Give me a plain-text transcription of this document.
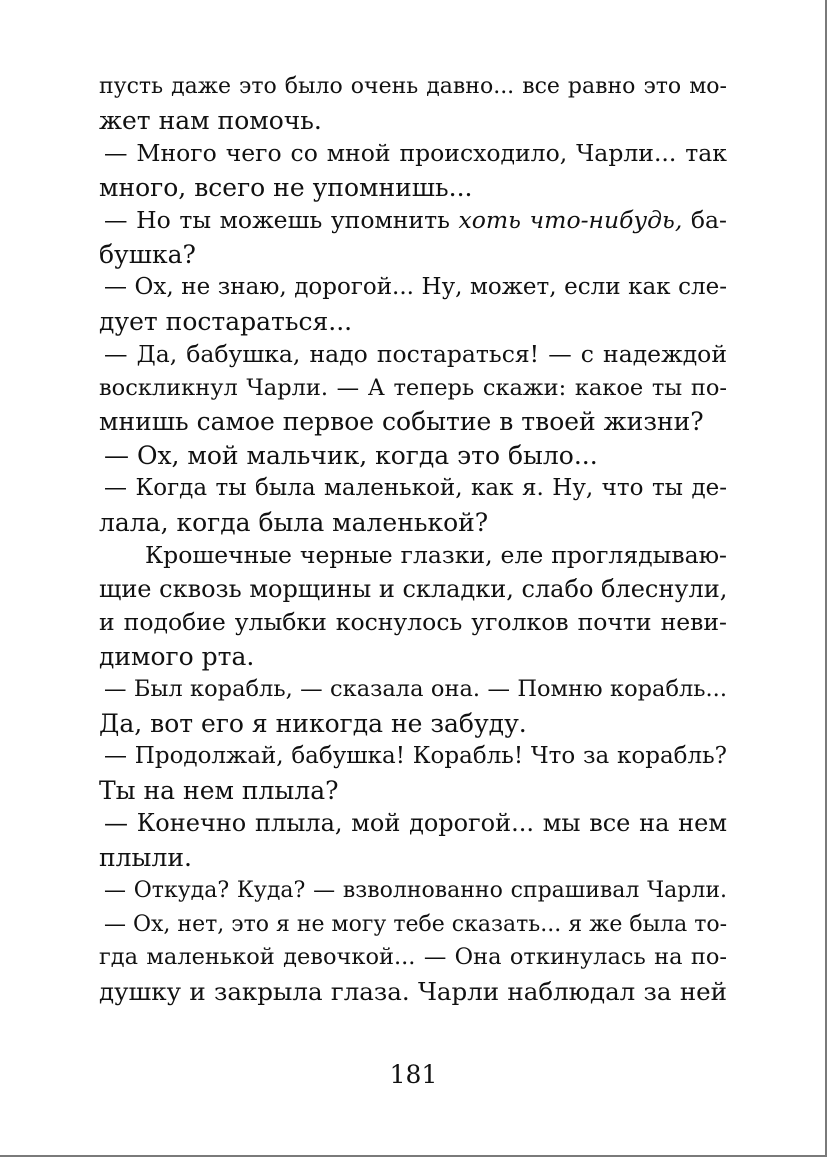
пусть даже это было очень давно... все равно это мо-
жет нам помочь.
— Много чего со мной происходило, Чарли... так
много, всего не упомнишь...
— Но ты можешь упомнить хоть что-нибудь, ба-
бушка?
— Ох, не знаю, дорогой... Ну, может, если как сле-
дует постараться...
— Да, бабушка, надо постараться! — с надеждой
воскликнул Чарли. — А теперь скажи: какое ты по-
мнишь самое первое событие в твоей жизни?
— Ох, мой мальчик, когда это было...
— Когда ты была маленькой, как я. Ну, что ты де-
лала, когда была маленькой?
Крошечные черные глазки, еле проглядываю-
щие сквозь морщины и складки, слабо блеснули,
и подобие улыбки коснулось уголков почти неви-
димого рта.
— Был корабль, — сказала она. — Помню корабль...
Да, вот его я никогда не забуду.
— Продолжай, бабушка! Корабль! Что за корабль?
Ты на нем плыла?
— Конечно плыла, мой дорогой... мы все на нем
плыли.
— Откуда? Куда? — взволнованно спрашивал Чарли.
— Ох, нет, это я не могу тебе сказать... я же была то-
гда маленькой девочкой... — Она откинулась на по-
душку и закрыла глаза. Чарли наблюдал за ней
181
